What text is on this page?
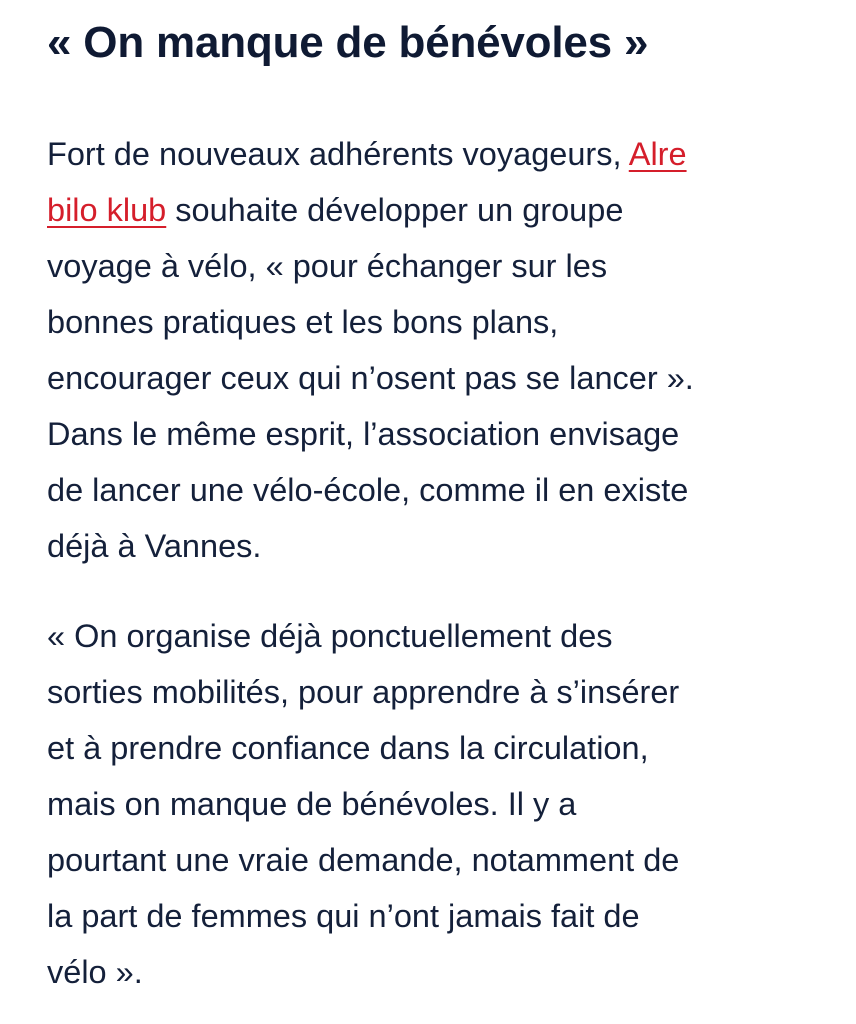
« On manque de bénévoles »

Fort de nouveaux adhérents voyageurs, Alre
bilo klub souhaite développer un groupe
voyage à vélo, « pour échanger sur les
bonnes pratiques et les bons plans,
encourager ceux qui n’osent pas se lancer ».
Dans le même esprit, l’association envisage
de lancer une vélo-école, comme il en existe
déjà à Vannes.

« On organise déjà ponctuellement des
sorties mobilités, pour apprendre à s’insérer
et à prendre confiance dans la circulation,
mais on manque de bénévoles. Il y a
pourtant une vraie demande, notamment de
la part de femmes qui n’ont jamais fait de
vélo ».
